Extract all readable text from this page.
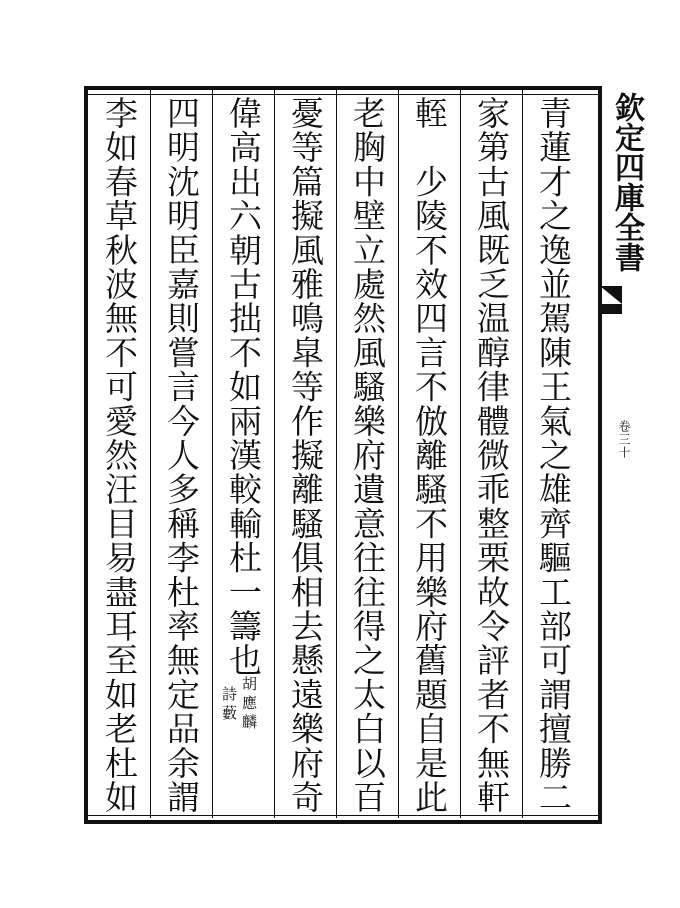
青蓮才之逸並駕陳王氣之雄齊驅工部可謂擅勝二
家第古風既乏温醇律體微乖整栗故令評者不無軒
輊　少陵不效四言不倣離騷不用樂府舊題自是此
老胸中壁立處然風騷樂府遺意往往得之太白以百
憂等篇擬風雅鳴皐等作擬離騷俱相去懸遠樂府奇
偉高出六朝古拙不如兩漢較輸杜一籌也
四明沈明臣嘉則嘗言今人多稱李杜率無定品余謂
李如春草秋波無不可愛然汪目易盡耳至如老杜如	胡應麟
詩藪
欽定四庫全書
卷三十
